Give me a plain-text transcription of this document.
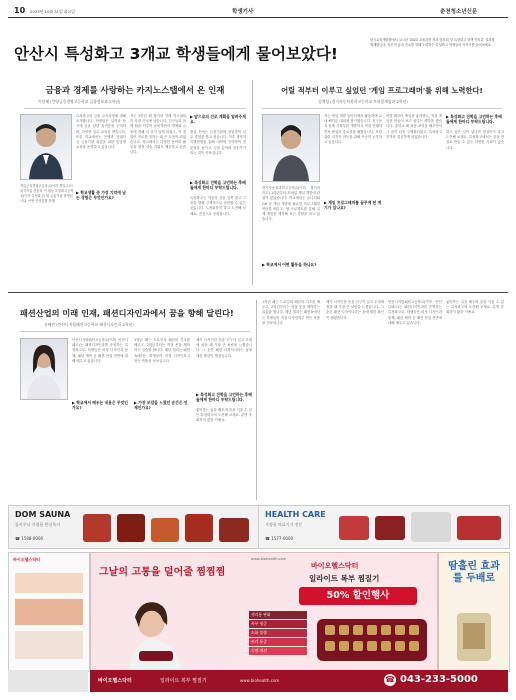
10 2023년 10월 31일 화요일	학생기사	춘천청소년신문
안산시 특성화고 3개교 학생들에게 물어보았다!
한국교육개발원에서 실시한 '2023 교육과정 성과 발표회 및 특성화고 학생 인터뷰' 결과를 게재합니다. 자신의 꿈과 진로를 향해 노력하는 특성화고 학생들의 이야기를 들어보세요.
금융과 경제를 사랑하는 카지노스탭에서 온 인재
이담혜 (안양금융경영고등학교 금융정보과 2학년)
경일금융경영고등학교(이하 경일고)의 외식사업 전문과 이 세상 특성화고등학교(이하 특성화고) 외 금융기관 학생입니다. 이번 인터뷰를 통해
특성화고의 금융 교육과정에 대해 소개합니다. 학생들은 입학과 동시에 금융 관련 자격증을 준비하며, 다양한 실무 교육을 받습니다. 또한 학교에서는 은행과 증권사 등 금융기관 취업을 위한 맞춤형 교육을 운영하고 있습니다.
▶ 학교생활 중 가장 기억에 남는 경험은 무엇인가요?
저는 1학년 때 참가한 경제 경시대회가 가장 기억에 남습니다. 친구들과 함께 팀을 이루어 준비하면서 경제와 금융에 대해 더 깊이 알게 되었고, 이 경험이 진로를 정하는 데 큰 도움이 되었습니다. 학교에서는 다양한 동아리 활동과 현장 실습 기회도 제공하고 있습니다.
▶ 앞으로의 진로 계획을 알려주세요.
졸업 후에는 금융기관에 취업하여 실무 경험을 쌓고 싶습니다. 이후 재직자 특별전형을 통해 대학에 진학하여 전문성을 높이고, 금융 분야의 전문가가 되는 것이 목표입니다.
▶ 특성화고 진학을 고민하는 후배들에게 한마디 부탁드립니다.
특성화고는 자신의 꿈을 일찍 찾고 그 꿈을 향해 구체적으로 준비할 수 있는 곳입니다. 두려워하지 말고 도전해 보세요. 진심으로 응원합니다.
어릴 적부터 이루고 싶었던 '게임 프로그래머'를 위해 노력한다!
김예성 (경기자동차과학고등학교 모바일게임과 2학년)
경기자동차과학고등학교(이하 경기자과고) 1학년부터 모바일 게임 개발에 관심이 많았습니다. 학교에서는 유니티와 C# 등 게임 개발에 필요한 프로그래밍 언어를 배우고, 팀 프로젝트를 통해 실제 게임을 제작해 보는 경험을 하고 있습니다.
▶ 학교에서 어떤 활동을 하나요?
저는 게임 개발 동아리에서 활동하며 교내 해커톤 대회에 참가했습니다. 친구들과 함께 기획부터 개발까지 직접 진행하면서 협업의 중요성을 배웠습니다. 또한 관련 자격증 취득을 위해 꾸준히 공부하고 있습니다.
▶ 게임 프로그래머를 꿈꾸게 된 계기가 있나요?
어릴 때부터 게임을 좋아했고, 직접 게임을 만들어 보고 싶다는 생각을 했습니다. 중학교 때 처음 코딩을 배우면서 그 꿈이 더욱 구체화되었고, 특성화고 진학을 결심하게 되었습니다.
▶ 특성화고 진학을 고민하는 후배들에게 한마디 부탁드립니다.
하고 싶은 일이 있다면 망설이지 말고 도전해 보세요. 특성화고에서는 꿈을 현실로 만들 수 있는 다양한 기회가 있습니다.
패션산업의 미래 인재, 패션디자인과에서 꿈을 향해 달린다!
유혜린 (안산디지털패션고등학교 패션디자인과 2학년)
안산디지털패션고등학교(이하 안산디패고)는 패션디자인과를 운영하는 특성화고로, 학생들은 의상 디자인과 봉제, 패턴 제작 등 패션 산업 전반에 대해 배우고 있습니다.
▶ 학교에서 배우는 내용은 무엇인가요?
1학년 때는 드로잉과 패턴의 기초를 배우고, 2학년부터는 직접 옷을 제작하는 실습을 합니다. 매년 열리는 패션쇼에서는 학생들이 직접 디자인하고 만든 작품을 선보입니다.
▶ 가장 보람을 느꼈던 순간은 언제인가요?
제가 디자인한 옷을 친구가 입고 무대에 섰을 때 가장 큰 보람을 느꼈습니다. 그 순간 패션 디자이너라는 꿈에 대한 확신이 생겼습니다.
▶ 특성화고 진학을 고민하는 후배들에게 한마디 부탁드립니다.
좋아하는 일을 배우며 꿈을 키울 수 있는 특성화고에 도전해 보세요. 분명 후회하지 않을 거예요.
좋아하는 일을 배우며 꿈을 키울 수 있는 특성화고에 도전해 보세요. 분명 후회하지 않을 거예요.
1학년 때는 드로잉과 패턴의 기초를 배우고, 2학년부터는 직접 옷을 제작하는 실습을 합니다. 매년 열리는 패션쇼에서는 학생들이 직접 디자인하고 만든 작품을 선보입니다.
제가 디자인한 옷을 친구가 입고 무대에 섰을 때 가장 큰 보람을 느꼈습니다. 그 순간 패션 디자이너라는 꿈에 대한 확신이 생겼습니다.
안산디지털패션고등학교(이하 안산디패고)는 패션디자인과를 운영하는 특성화고로, 학생들은 의상 디자인과 봉제, 패턴 제작 등 패션 산업 전반에 대해 배우고 있습니다.
DOM SAUNA
돔사우나 가정용 반신욕기
☎ 1588-0000
HEALTH CARE
가정용 의료기기 전문
☎ 1577-0000
바이오헬스닥터
그날의 고통을 덜어줄 찜찜찜
바이오헬스닥터
www.biohealth.com
일라이트 복부 찜질기
50% 할인행사
생리통 완화
복부 냉증
소화 불량
허리 통증
숙면 개선
땀흘린 효과를 두배로
바이오헬스닥터	일라이트 복부 찜질기	www.biohealth.com	☎ 043-233-5000
